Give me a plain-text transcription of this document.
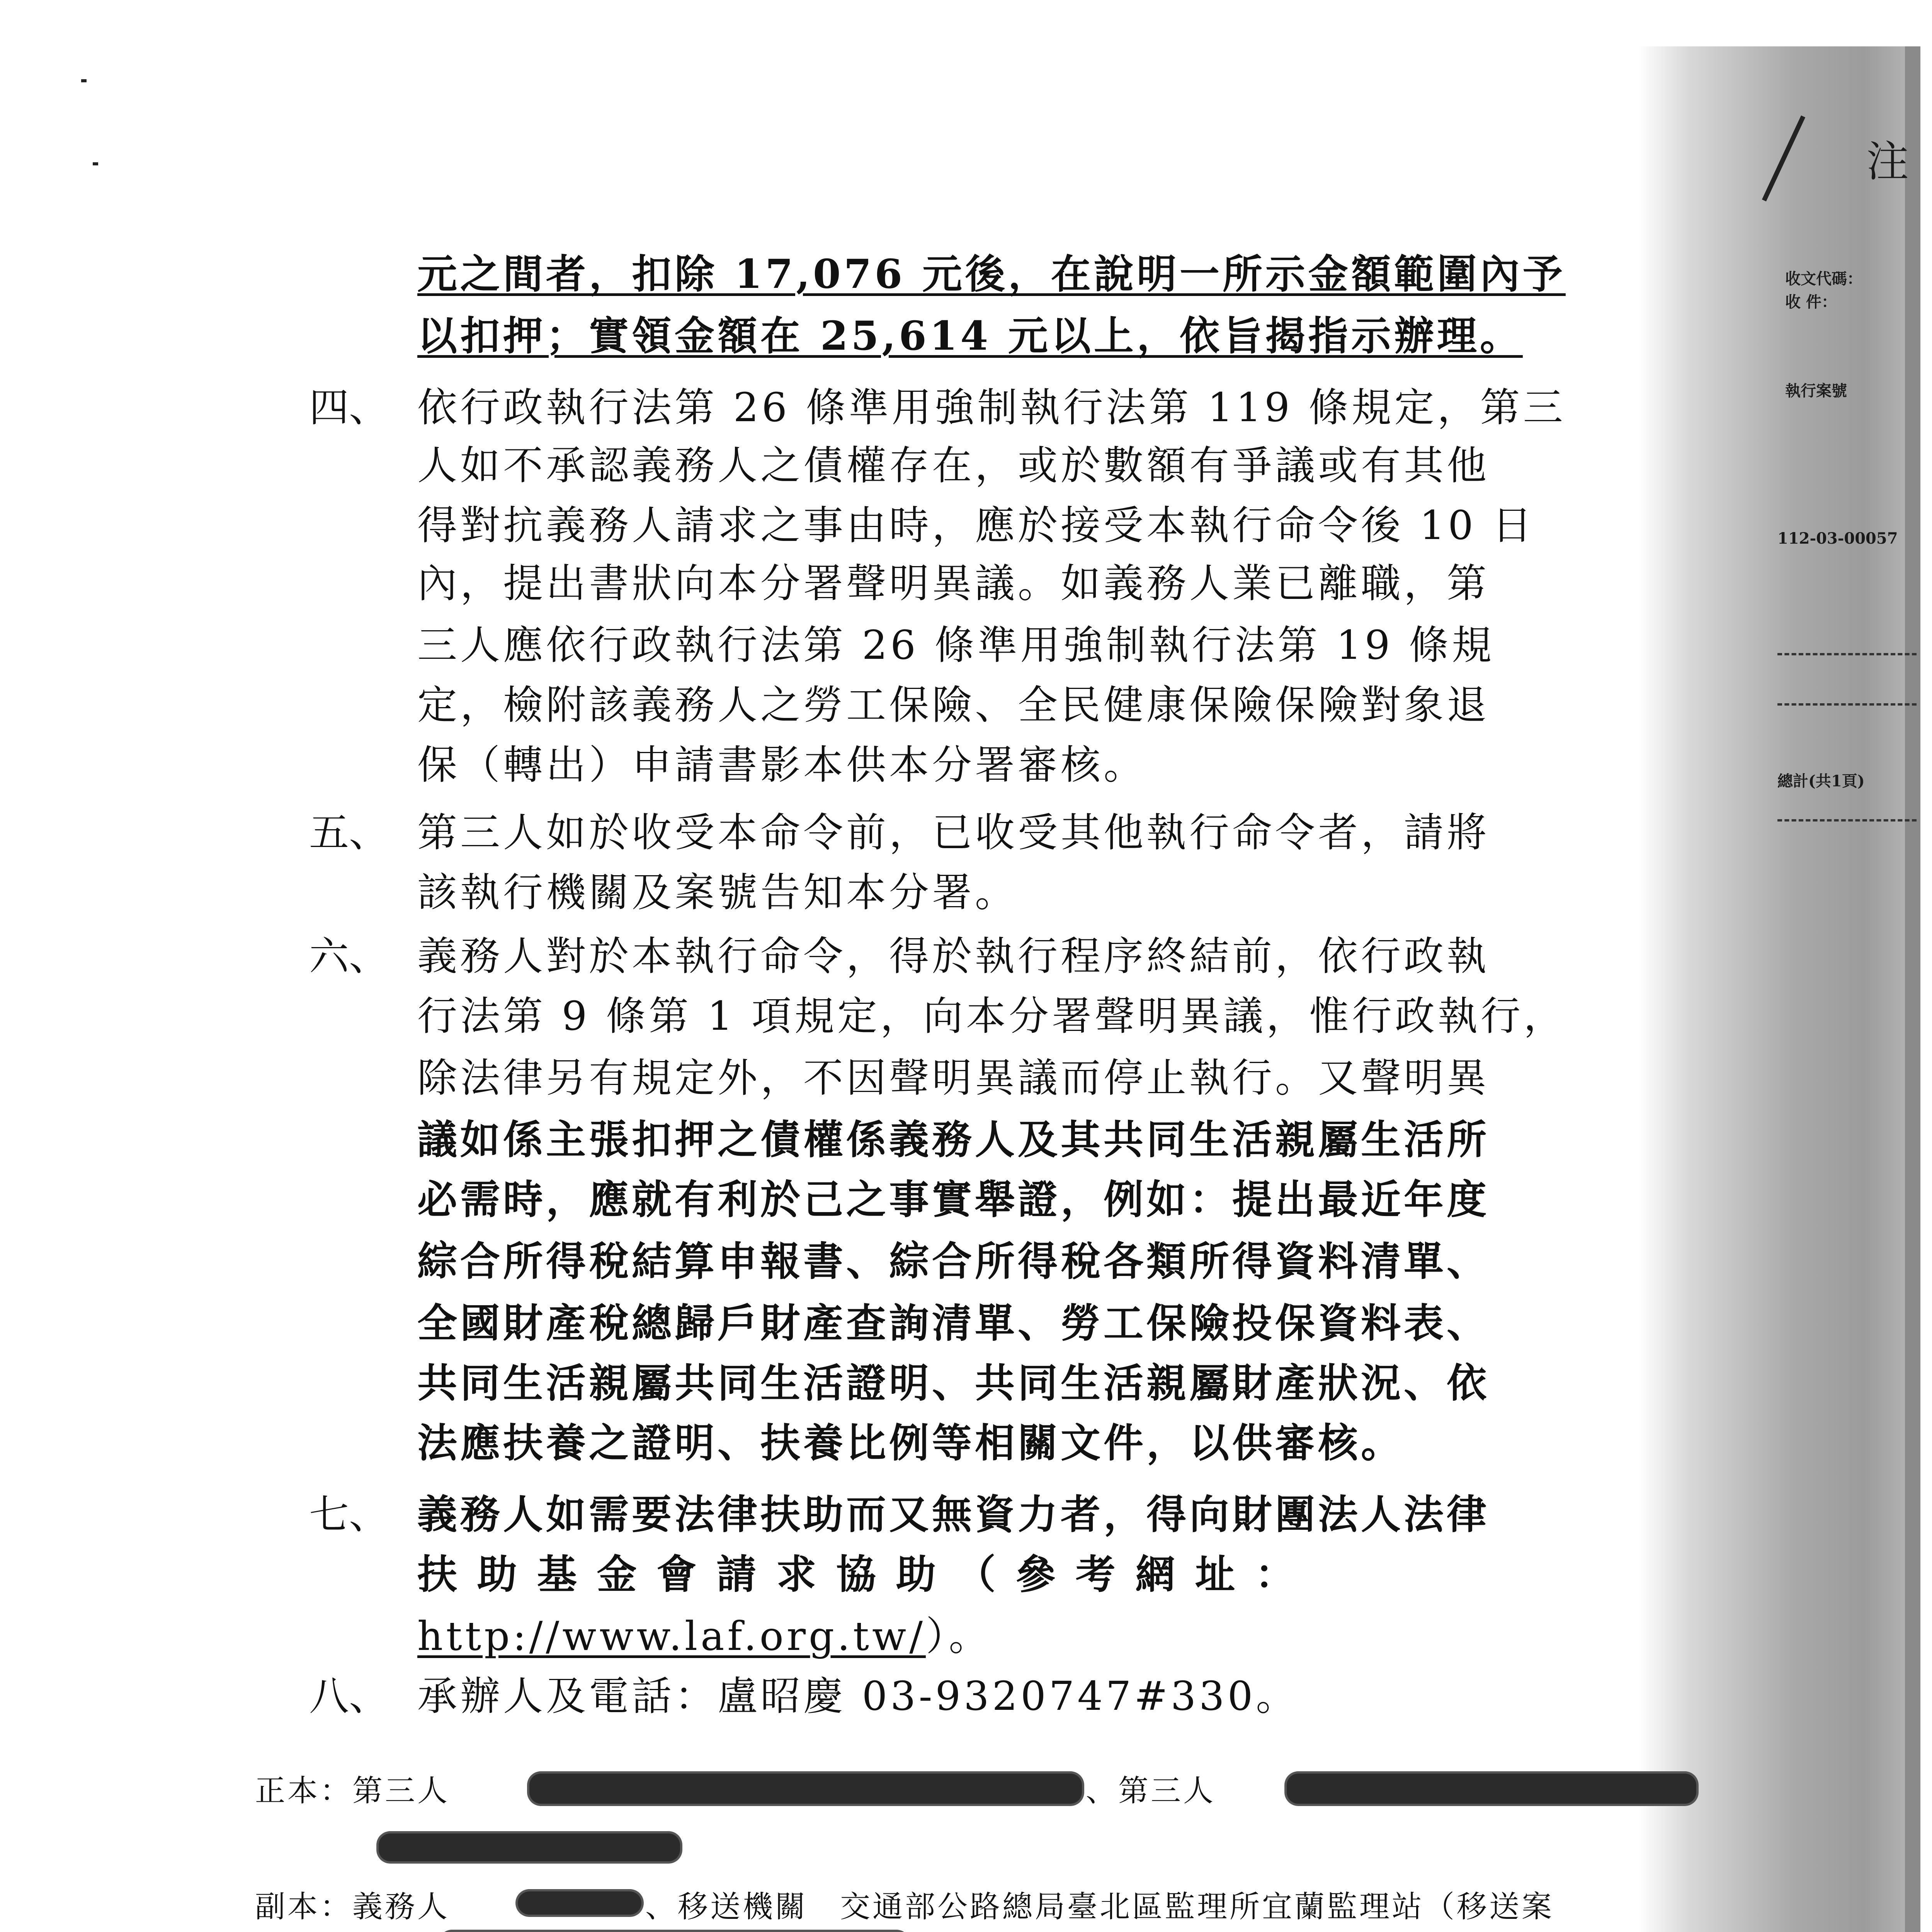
注
收文代碼：
收 件：
執行案號
112-03-00057
總計(共1頁)
元之間者，扣除 17,076 元後，在說明一所示金額範圍內予
以扣押；實領金額在 25,614 元以上，依旨揭指示辦理。
四、 依行政執行法第 26 條準用強制執行法第 119 條規定，第三
人如不承認義務人之債權存在，或於數額有爭議或有其他
得對抗義務人請求之事由時，應於接受本執行命令後 10 日
內，提出書狀向本分署聲明異議。如義務人業已離職，第
三人應依行政執行法第 26 條準用強制執行法第 19 條規
定，檢附該義務人之勞工保險、全民健康保險保險對象退
保（轉出）申請書影本供本分署審核。
五、 第三人如於收受本命令前，已收受其他執行命令者，請將
該執行機關及案號告知本分署。
六、 義務人對於本執行命令，得於執行程序終結前，依行政執
行法第 9 條第 1 項規定，向本分署聲明異議，惟行政執行，
除法律另有規定外，不因聲明異議而停止執行。又聲明異
議如係主張扣押之債權係義務人及其共同生活親屬生活所
必需時，應就有利於己之事實舉證，例如：提出最近年度
綜合所得稅結算申報書、綜合所得稅各類所得資料清單、
全國財產稅總歸戶財產查詢清單、勞工保險投保資料表、
共同生活親屬共同生活證明、共同生活親屬財產狀況、依
法應扶養之證明、扶養比例等相關文件，以供審核。
七、 義務人如需要法律扶助而又無資力者，得向財團法人法律
扶 助 基 金 會 請 求 協 助 （ 參 考 網 址 ：
http://www.laf.org.tw/）。
八、 承辦人及電話：盧昭慶 03-9320747#330。
正本：第三人	、第三人
副本：義務人	、移送機關　交通部公路總局臺北區監理所宜蘭監理站（移送案
